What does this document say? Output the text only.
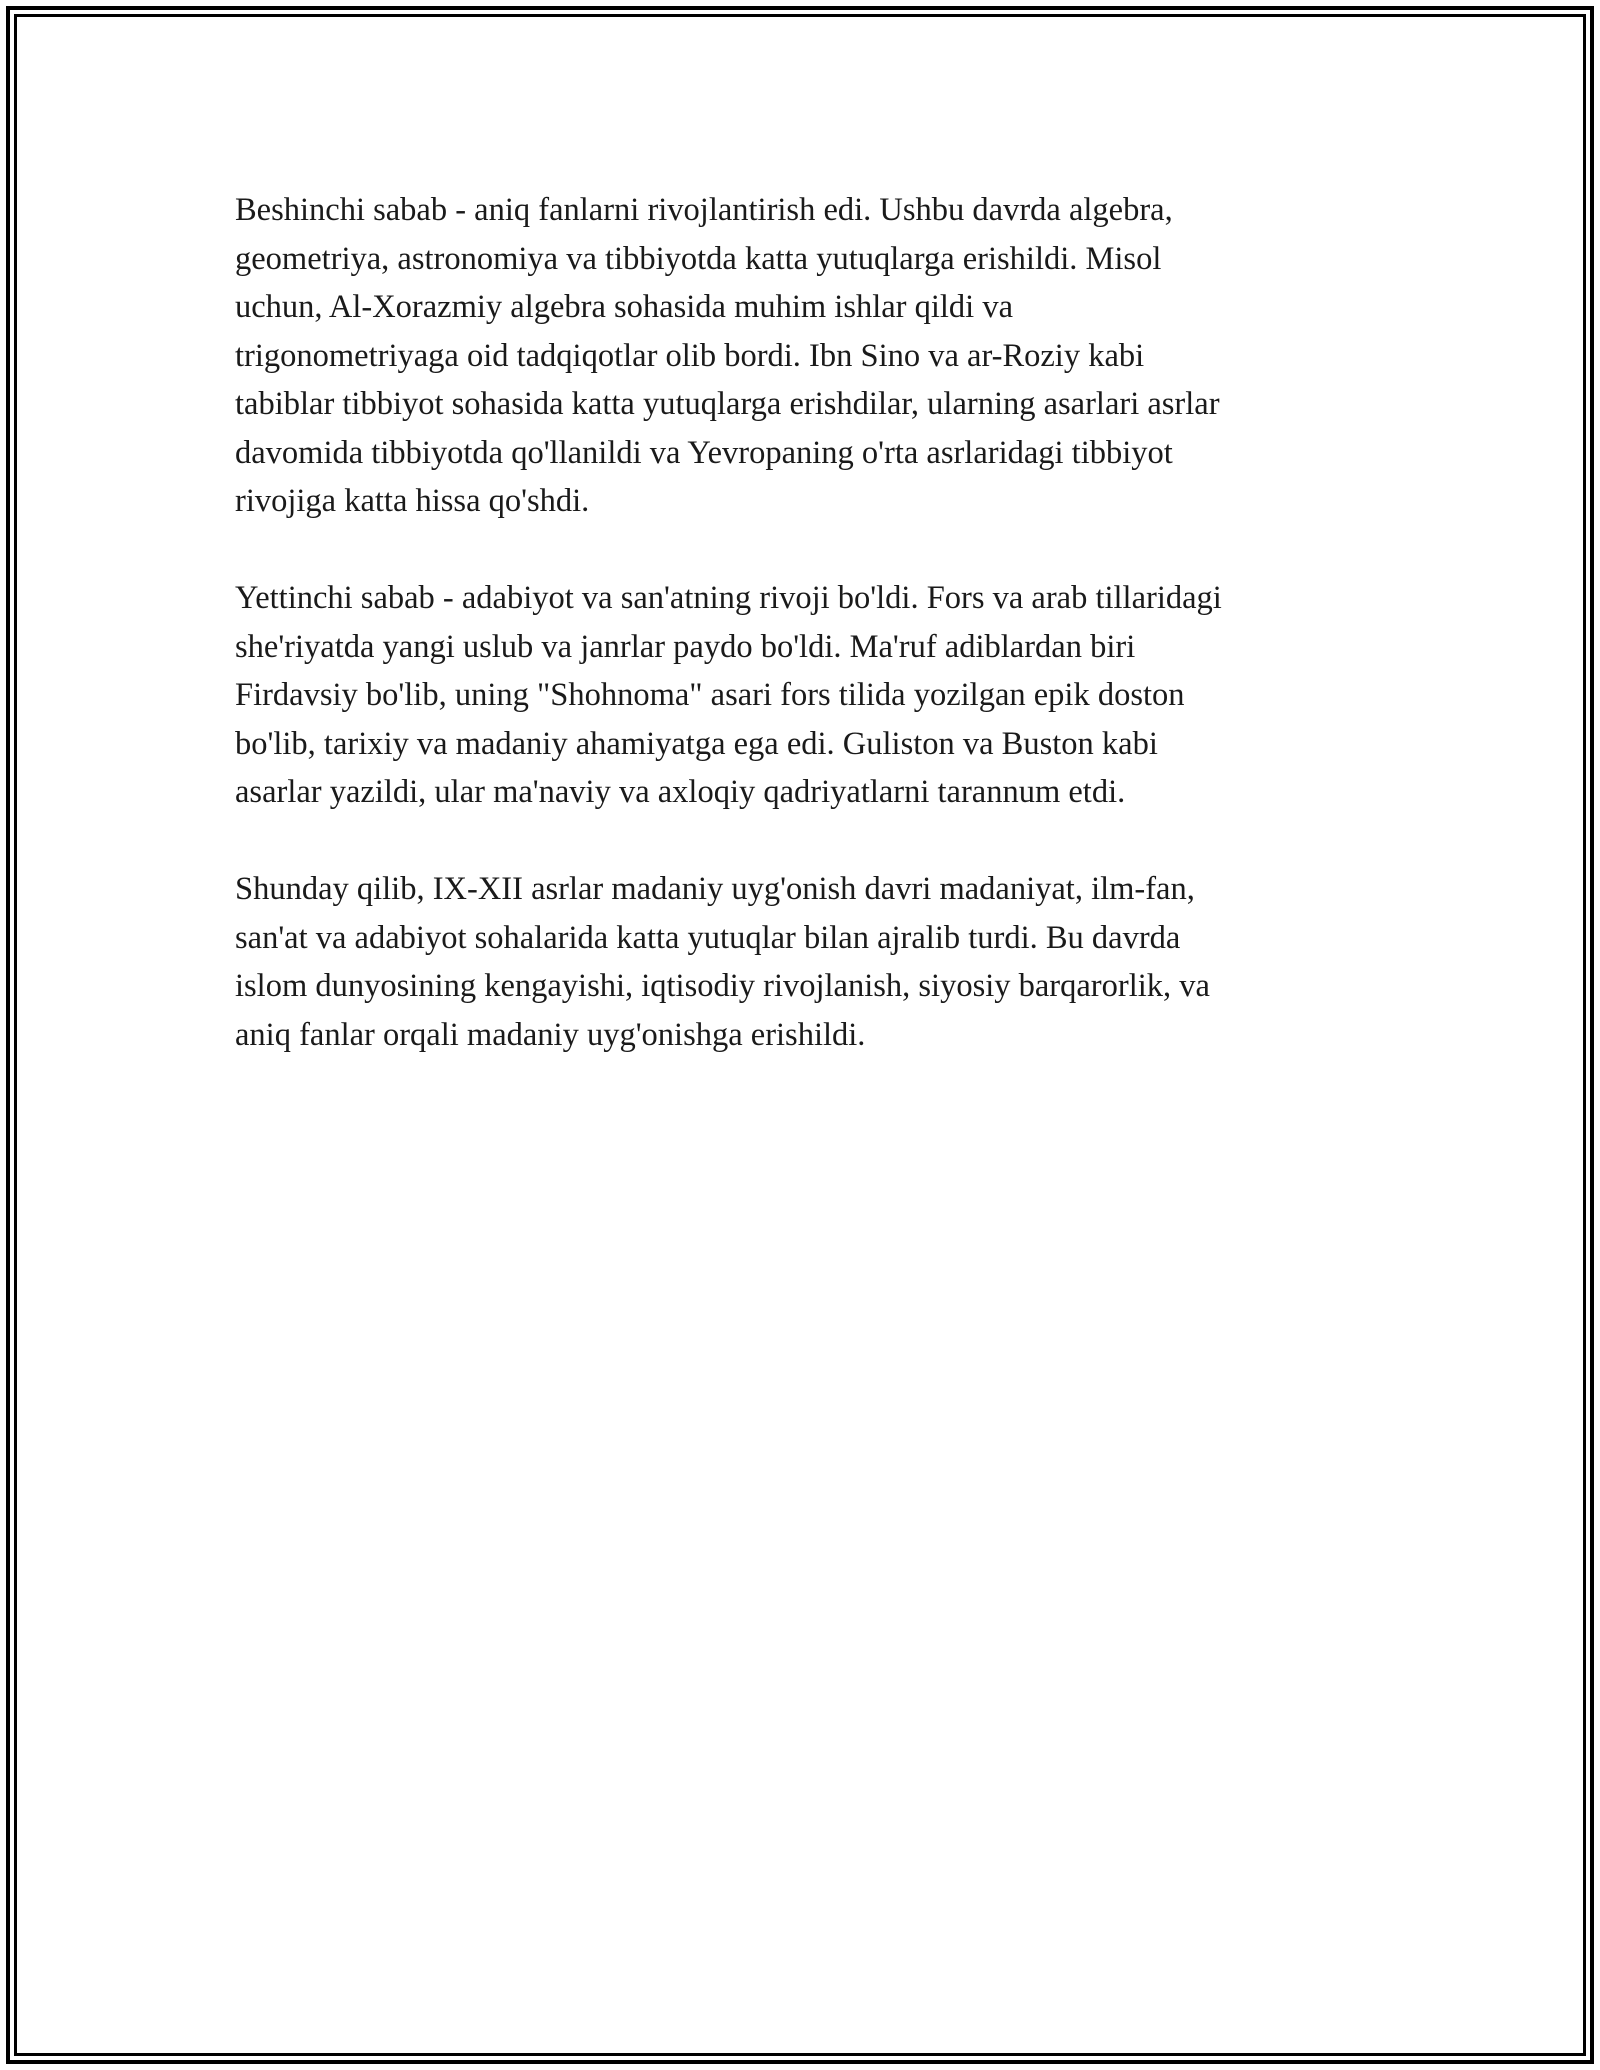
Beshinchi sabab - aniq fanlarni rivojlantirish edi. Ushbu davrda algebra,
geometriya, astronomiya va tibbiyotda katta yutuqlarga erishildi. Misol
uchun, Al-Xorazmiy algebra sohasida muhim ishlar qildi va
trigonometriyaga oid tadqiqotlar olib bordi. Ibn Sino va ar-Roziy kabi
tabiblar tibbiyot sohasida katta yutuqlarga erishdilar, ularning asarlari asrlar
davomida tibbiyotda qo'llanildi va Yevropaning o'rta asrlaridagi tibbiyot
rivojiga katta hissa qo'shdi.

Yettinchi sabab - adabiyot va san'atning rivoji bo'ldi. Fors va arab tillaridagi
she'riyatda yangi uslub va janrlar paydo bo'ldi. Ma'ruf adiblardan biri
Firdavsiy bo'lib, uning "Shohnoma" asari fors tilida yozilgan epik doston
bo'lib, tarixiy va madaniy ahamiyatga ega edi. Guliston va Buston kabi
asarlar yazildi, ular ma'naviy va axloqiy qadriyatlarni tarannum etdi.

Shunday qilib, IX-XII asrlar madaniy uyg'onish davri madaniyat, ilm-fan,
san'at va adabiyot sohalarida katta yutuqlar bilan ajralib turdi. Bu davrda
islom dunyosining kengayishi, iqtisodiy rivojlanish, siyosiy barqarorlik, va
aniq fanlar orqali madaniy uyg'onishga erishildi.
